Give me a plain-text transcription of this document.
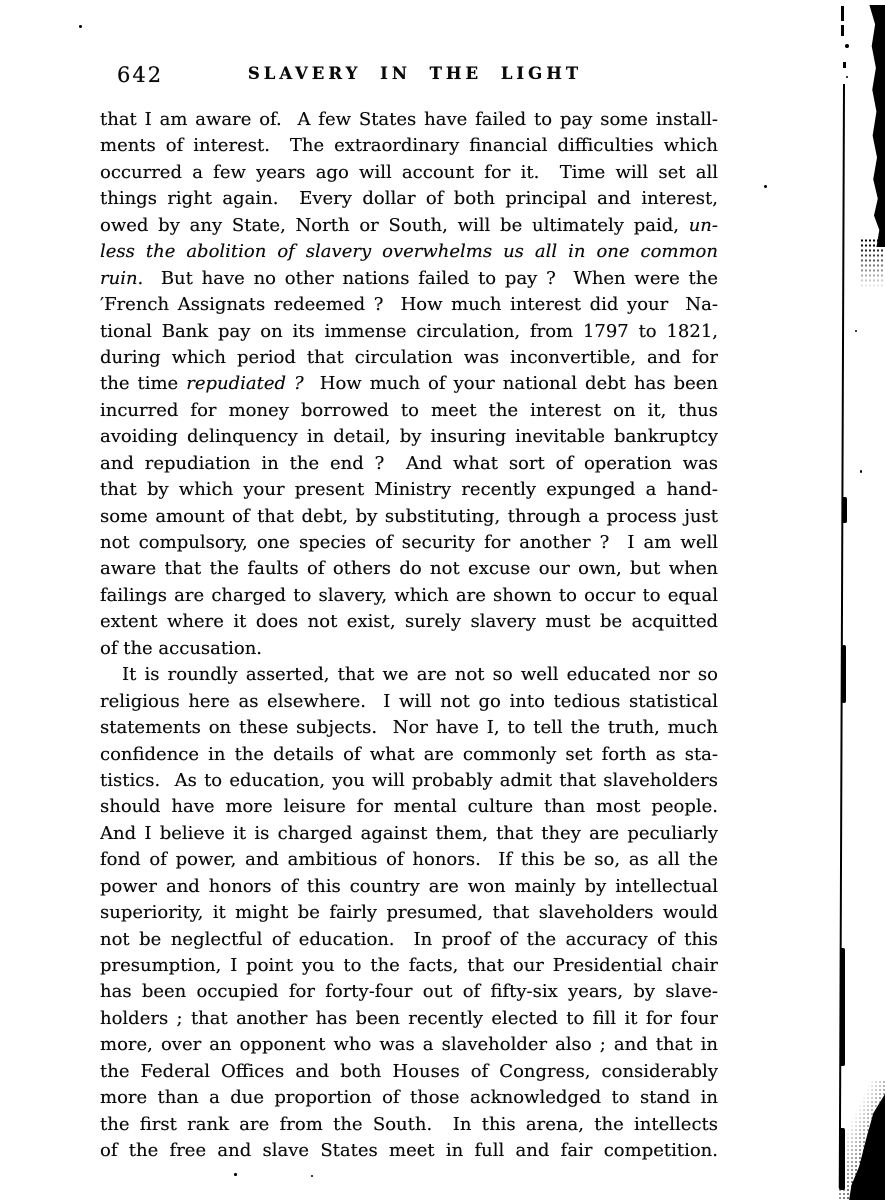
642	SLAVERY IN THE LIGHT
that I am aware of.  A few States have failed to pay some install-
ments of interest.  The extraordinary financial difficulties which
occurred a few years ago will account for it.  Time will set all
things right again.  Every dollar of both principal and interest,
owed by any State, North or South, will be ultimately paid, un-
less the abolition of slavery overwhelms us all in one common
ruin.  But have no other nations failed to pay ?  When were the
′French Assignats redeemed ?  How much interest did your  Na-
tional Bank pay on its immense circulation, from 1797 to 1821,
during which period that circulation was inconvertible, and for
the time repudiated ?  How much of your national debt has been
incurred for money borrowed to meet the interest on it, thus
avoiding delinquency in detail, by insuring inevitable bankruptcy
and repudiation in the end ?  And what sort of operation was
that by which your present Ministry recently expunged a hand-
some amount of that debt, by substituting, through a process just
not compulsory, one species of security for another ?  I am well
aware that the faults of others do not excuse our own, but when
failings are charged to slavery, which are shown to occur to equal
extent where it does not exist, surely slavery must be acquitted
of the accusation.
It is roundly asserted, that we are not so well educated nor so
religious here as elsewhere.  I will not go into tedious statistical
statements on these subjects.  Nor have I, to tell the truth, much
confidence in the details of what are commonly set forth as sta-
tistics.  As to education, you will probably admit that slaveholders
should have more leisure for mental culture than most people.
And I believe it is charged against them, that they are peculiarly
fond of power, and ambitious of honors.  If this be so, as all the
power and honors of this country are won mainly by intellectual
superiority, it might be fairly presumed, that slaveholders would
not be neglectful of education.  In proof of the accuracy of this
presumption, I point you to the facts, that our Presidential chair
has been occupied for forty-four out of fifty-six years, by slave-
holders ; that another has been recently elected to fill it for four
more, over an opponent who was a slaveholder also ; and that in
the Federal Offices and both Houses of Congress, considerably
more than a due proportion of those acknowledged to stand in
the first rank are from the South.  In this arena, the intellects
of the free and slave States meet in full and fair competition.
